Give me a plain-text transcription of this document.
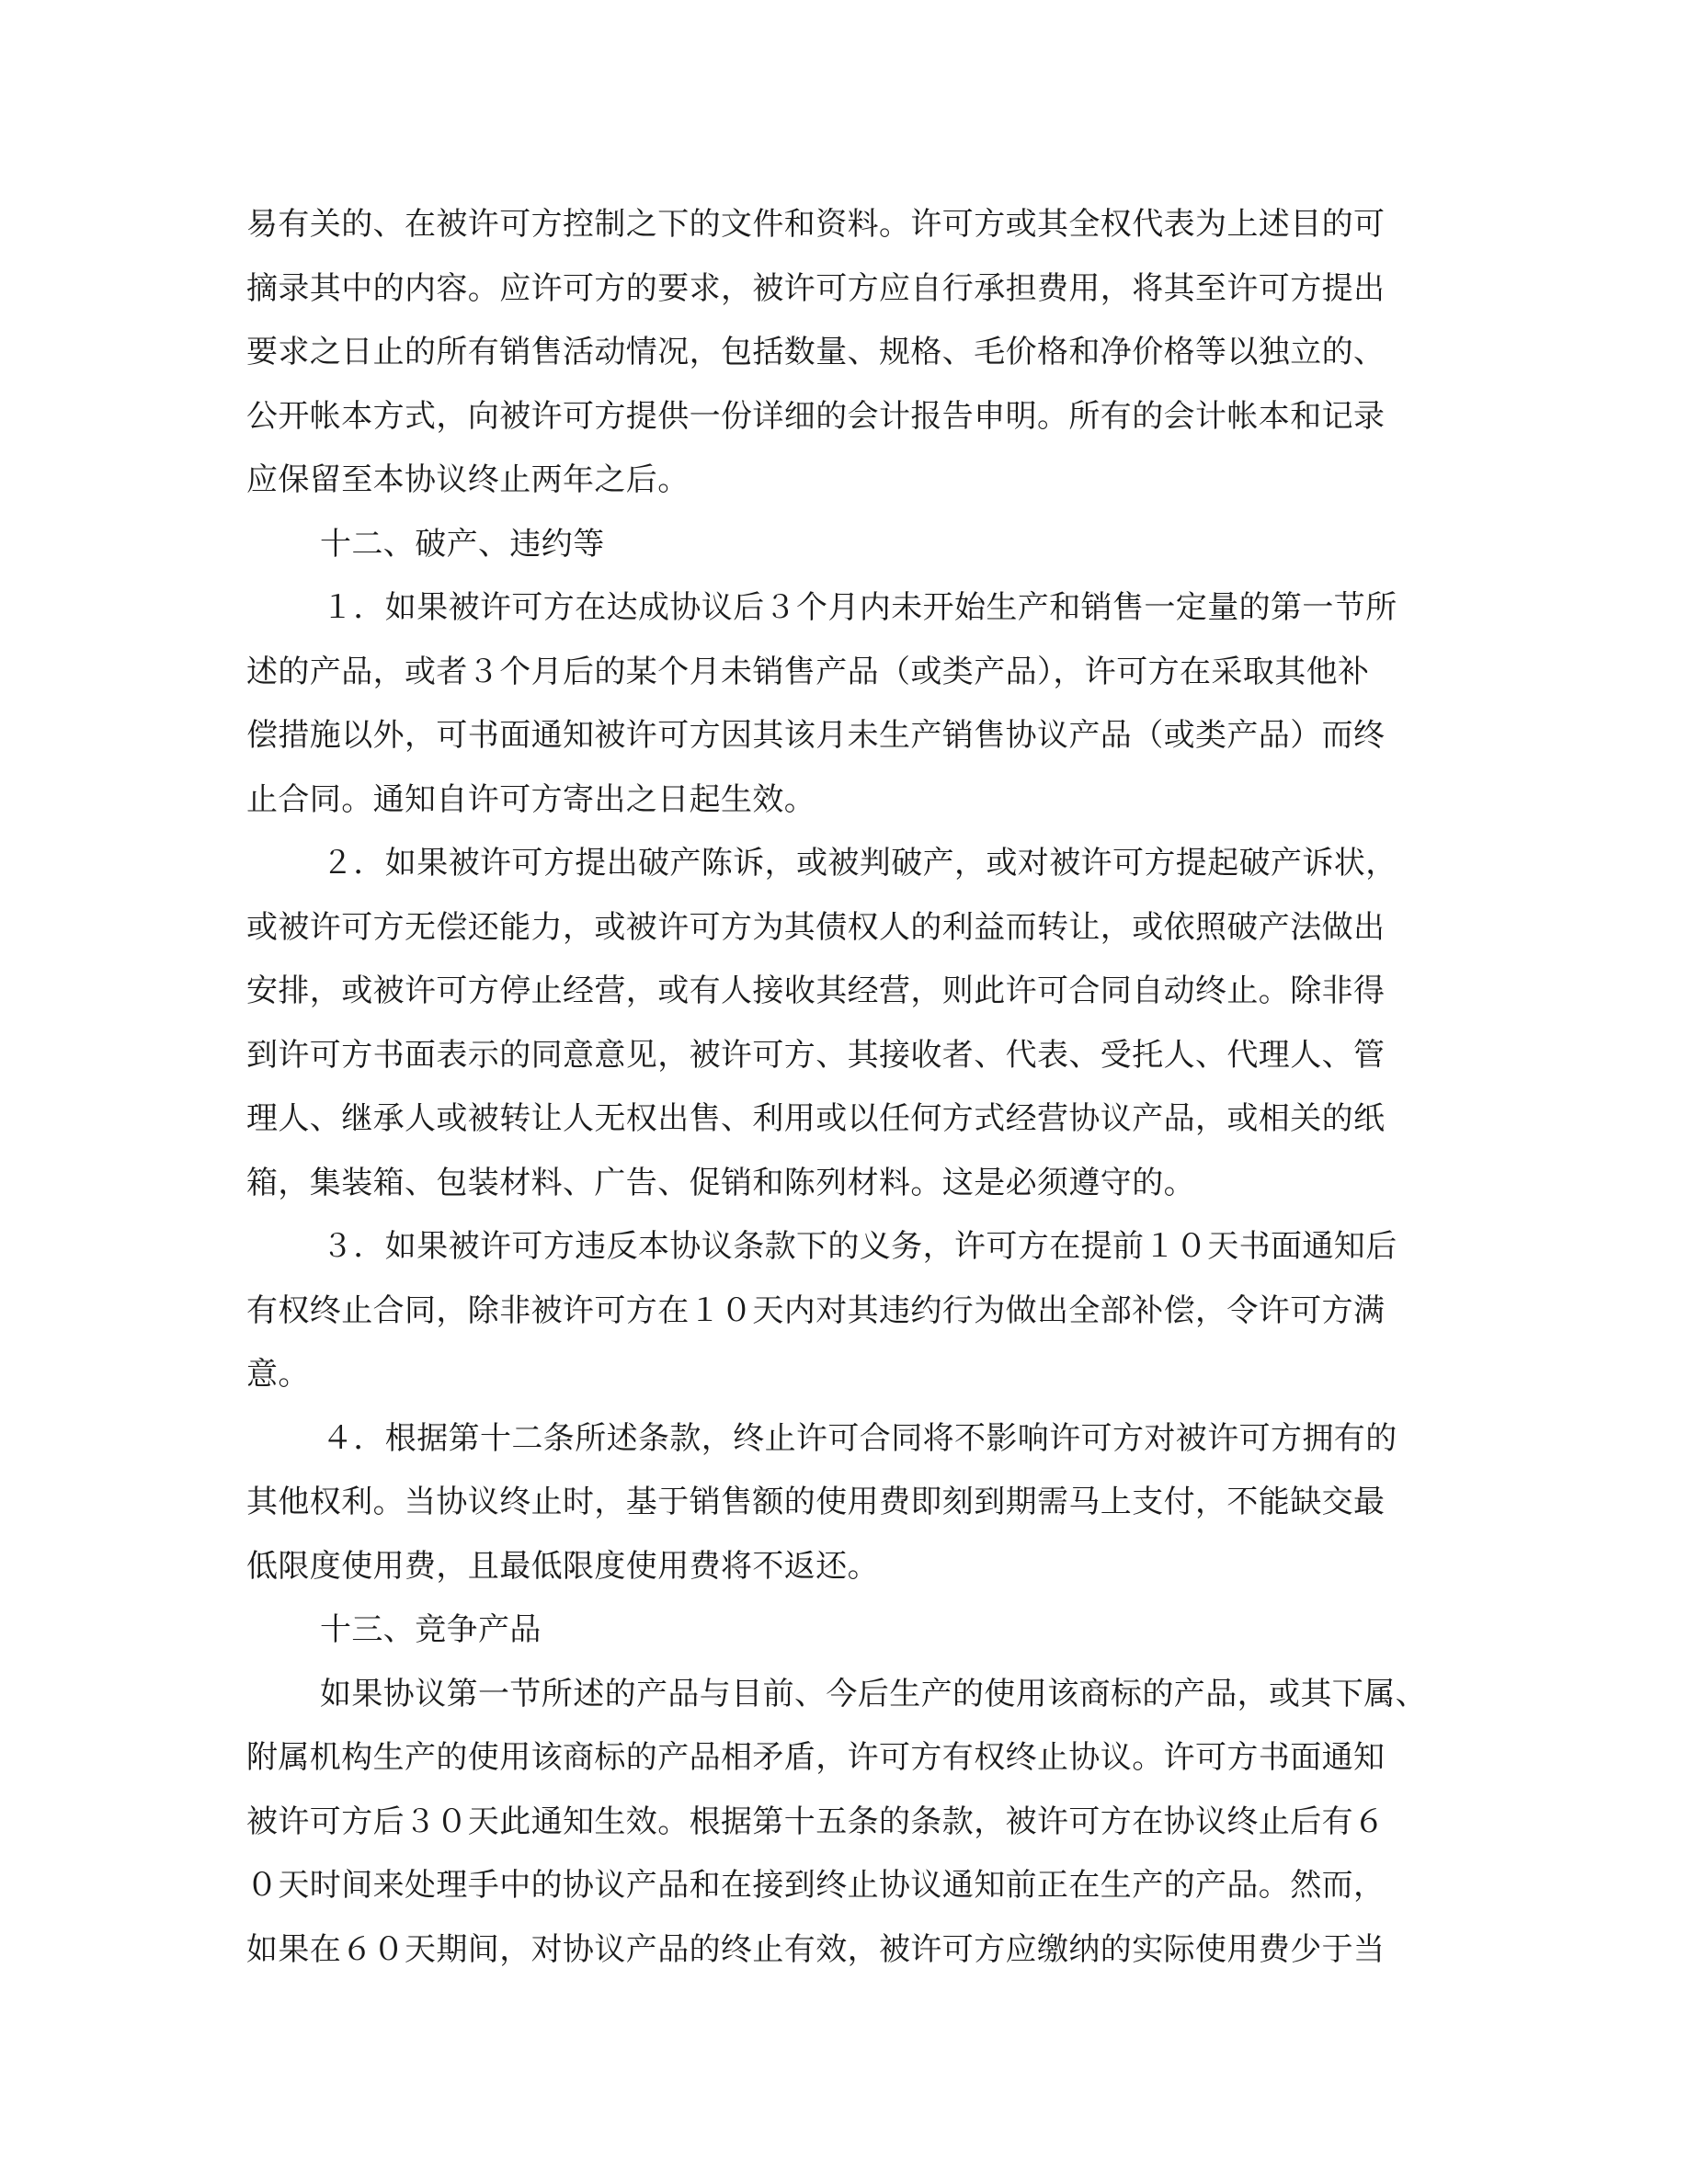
易有关的、在被许可方控制之下的文件和资料。许可方或其全权代表为上述目的可
摘录其中的内容。应许可方的要求，被许可方应自行承担费用，将其至许可方提出
要求之日止的所有销售活动情况，包括数量、规格、毛价格和净价格等以独立的、
公开帐本方式，向被许可方提供一份详细的会计报告申明。所有的会计帐本和记录
应保留至本协议终止两年之后。
十二、破产、违约等
１．如果被许可方在达成协议后３个月内未开始生产和销售一定量的第一节所
述的产品，或者３个月后的某个月未销售产品（或类产品），许可方在采取其他补
偿措施以外，可书面通知被许可方因其该月未生产销售协议产品（或类产品）而终
止合同。通知自许可方寄出之日起生效。
２．如果被许可方提出破产陈诉，或被判破产，或对被许可方提起破产诉状，
或被许可方无偿还能力，或被许可方为其债权人的利益而转让，或依照破产法做出
安排，或被许可方停止经营，或有人接收其经营，则此许可合同自动终止。除非得
到许可方书面表示的同意意见，被许可方、其接收者、代表、受托人、代理人、管
理人、继承人或被转让人无权出售、利用或以任何方式经营协议产品，或相关的纸
箱，集装箱、包装材料、广告、促销和陈列材料。这是必须遵守的。
３．如果被许可方违反本协议条款下的义务，许可方在提前１０天书面通知后
有权终止合同，除非被许可方在１０天内对其违约行为做出全部补偿，令许可方满
意。
４．根据第十二条所述条款，终止许可合同将不影响许可方对被许可方拥有的
其他权利。当协议终止时，基于销售额的使用费即刻到期需马上支付，不能缺交最
低限度使用费，且最低限度使用费将不返还。
十三、竞争产品
如果协议第一节所述的产品与目前、今后生产的使用该商标的产品，或其下属、
附属机构生产的使用该商标的产品相矛盾，许可方有权终止协议。许可方书面通知
被许可方后３０天此通知生效。根据第十五条的条款，被许可方在协议终止后有６
０天时间来处理手中的协议产品和在接到终止协议通知前正在生产的产品。然而，
如果在６０天期间，对协议产品的终止有效，被许可方应缴纳的实际使用费少于当
